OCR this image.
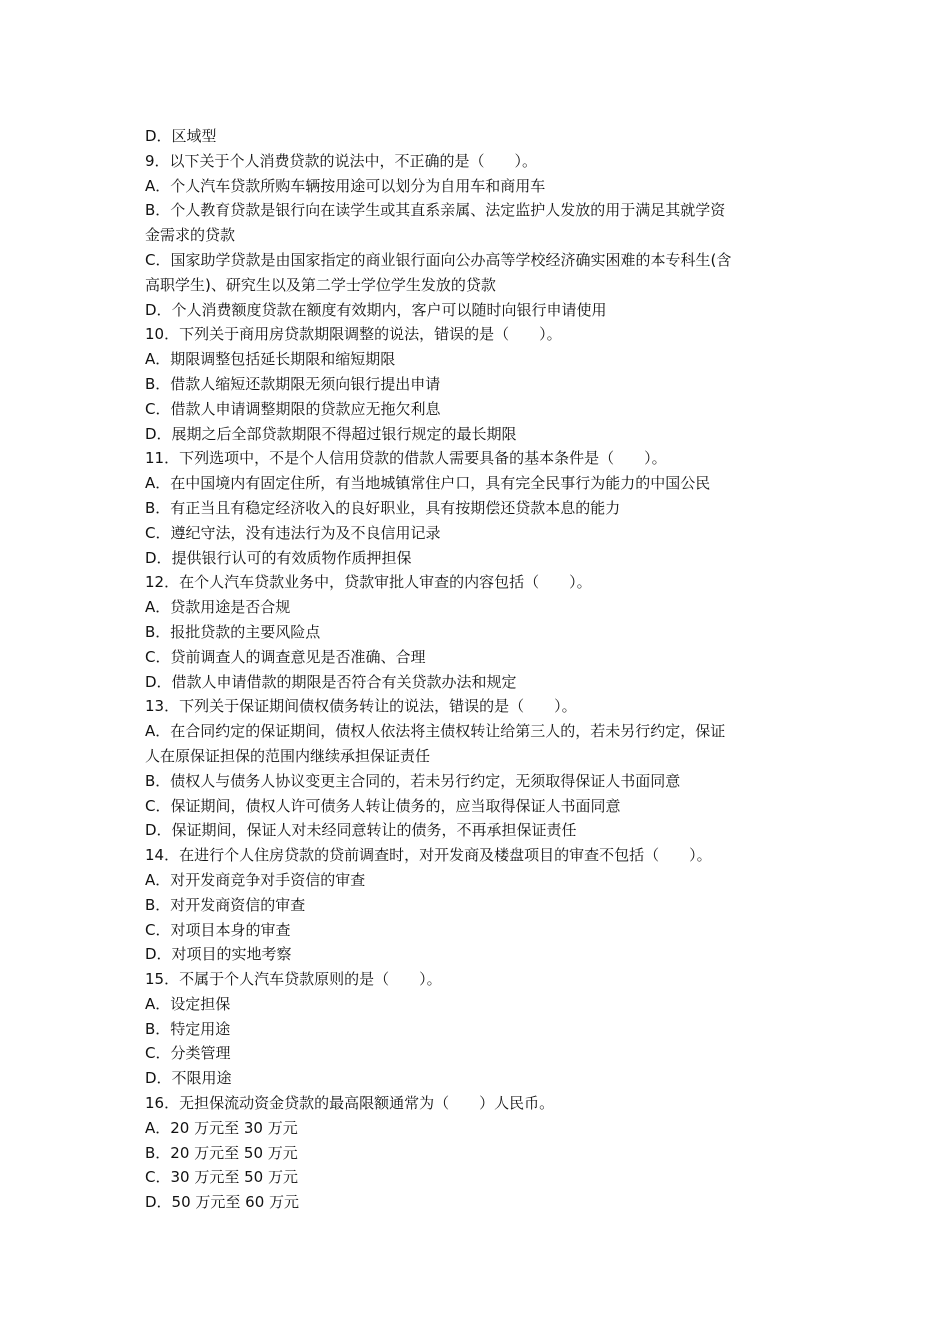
D．区域型
9．以下关于个人消费贷款的说法中，不正确的是（　　）。
A．个人汽车贷款所购车辆按用途可以划分为自用车和商用车
B．个人教育贷款是银行向在读学生或其直系亲属、法定监护人发放的用于满足其就学资
金需求的贷款
C．国家助学贷款是由国家指定的商业银行面向公办高等学校经济确实困难的本专科生(含
高职学生)、研究生以及第二学士学位学生发放的贷款
D．个人消费额度贷款在额度有效期内，客户可以随时向银行申请使用
10．下列关于商用房贷款期限调整的说法，错误的是（　　）。
A．期限调整包括延长期限和缩短期限
B．借款人缩短还款期限无须向银行提出申请
C．借款人申请调整期限的贷款应无拖欠利息
D．展期之后全部贷款期限不得超过银行规定的最长期限
11．下列选项中，不是个人信用贷款的借款人需要具备的基本条件是（　　）。
A．在中国境内有固定住所，有当地城镇常住户口，具有完全民事行为能力的中国公民
B．有正当且有稳定经济收入的良好职业，具有按期偿还贷款本息的能力
C．遵纪守法，没有违法行为及不良信用记录
D．提供银行认可的有效质物作质押担保
12．在个人汽车贷款业务中，贷款审批人审查的内容包括（　　）。
A．贷款用途是否合规
B．报批贷款的主要风险点
C．贷前调查人的调查意见是否准确、合理
D．借款人申请借款的期限是否符合有关贷款办法和规定
13．下列关于保证期间债权债务转让的说法，错误的是（　　）。
A．在合同约定的保证期间，债权人依法将主债权转让给第三人的，若未另行约定，保证
人在原保证担保的范围内继续承担保证责任
B．债权人与债务人协议变更主合同的，若未另行约定，无须取得保证人书面同意
C．保证期间，债权人许可债务人转让债务的，应当取得保证人书面同意
D．保证期间，保证人对未经同意转让的债务，不再承担保证责任
14．在进行个人住房贷款的贷前调查时，对开发商及楼盘项目的审查不包括（　　）。
A．对开发商竞争对手资信的审查
B．对开发商资信的审查
C．对项目本身的审查
D．对项目的实地考察
15．不属于个人汽车贷款原则的是（　　）。
A．设定担保
B．特定用途
C．分类管理
D．不限用途
16．无担保流动资金贷款的最高限额通常为（　　）人民币。
A．20 万元至 30 万元
B．20 万元至 50 万元
C．30 万元至 50 万元
D．50 万元至 60 万元
